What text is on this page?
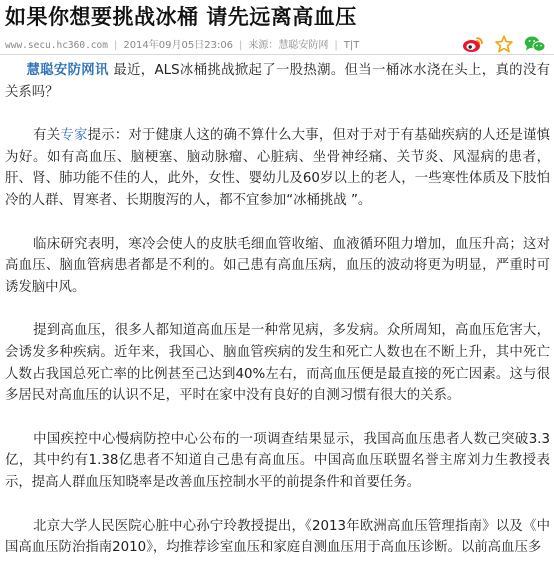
如果你想要挑战冰桶 请先远离高血压
www.secu.hc360.com | 2014年09月05日23:06 | 来源：慧聪安防网 | T|T

慧聪安防网讯 最近，ALS冰桶挑战掀起了一股热潮。但当一桶冰水浇在头上，真的没有关系吗？

有关专家提示：对于健康人这的确不算什么大事，但对于对于有基础疾病的人还是谨慎为好。如有高血压、脑梗塞、脑动脉瘤、心脏病、坐骨神经痛、关节炎、风湿病的患者，肝、肾、肺功能不佳的人，此外，女性、婴幼儿及60岁以上的老人，一些寒性体质及下肢怕冷的人群、胃寒者、长期腹泻的人，都不宜参加“冰桶挑战 ”。

临床研究表明，寒冷会使人的皮肤毛细血管收缩、血液循环阻力增加，血压升高；这对高血压、脑血管病患者都是不利的。如己患有高血压病，血压的波动将更为明显，严重时可诱发脑中风。

提到高血压，很多人都知道高血压是一种常见病，多发病。众所周知，高血压危害大，会诱发多种疾病。近年来，我国心、脑血管疾病的发生和死亡人数也在不断上升，其中死亡人数占我国总死亡率的比例甚至己达到40%左右，而高血压便是最直接的死亡因素。这与很多居民对高血压的认识不足，平时在家中没有良好的自测习惯有很大的关系。

中国疾控中心慢病防控中心公布的一项调查结果显示，我国高血压患者人数己突破3.3亿，其中约有1.38亿患者不知道自己患有高血压。中国高血压联盟名誉主席刘力生教授表示，提高人群血压知晓率是改善血压控制水平的前提条件和首要任务。

北京大学人民医院心脏中心孙宁玲教授提出，《2013年欧洲高血压管理指南》以及《中国高血压防治指南2010》，均推荐诊室血压和家庭自测血压用于高血压诊断。以前高血压多
